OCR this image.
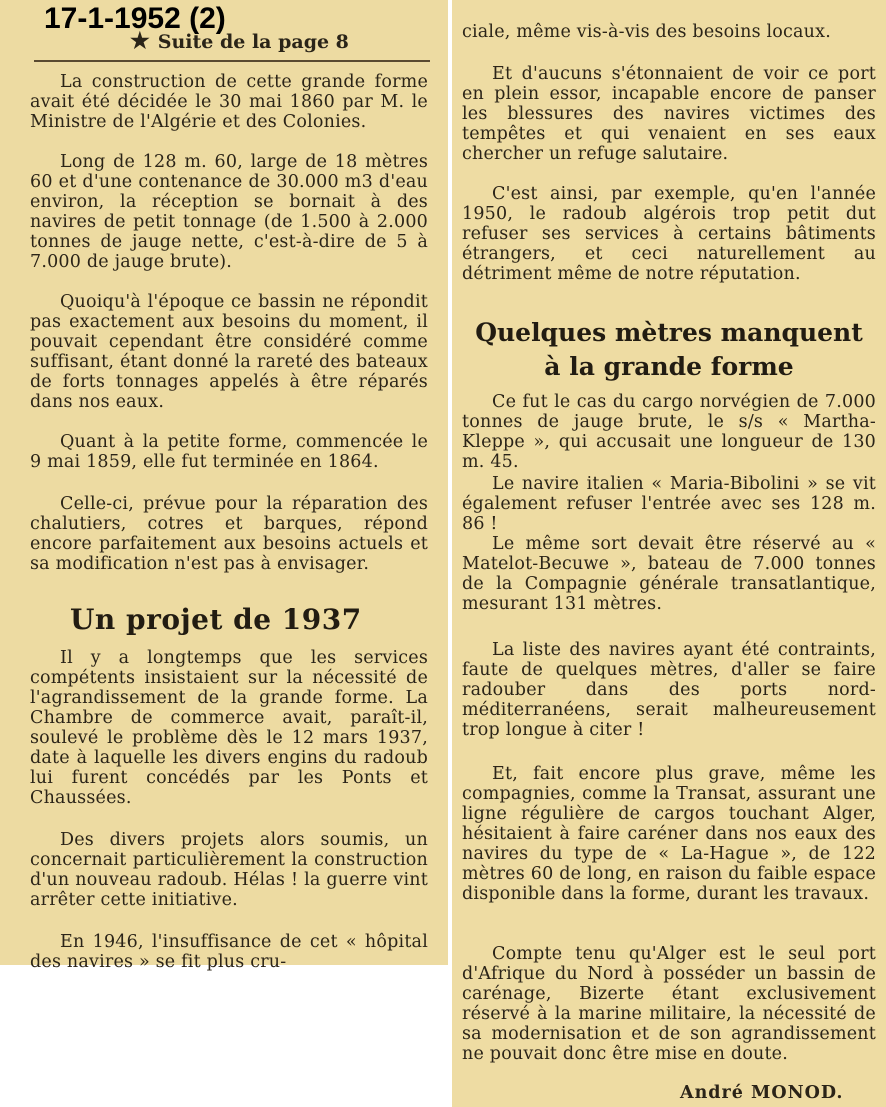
17-1-1952 (2)
★ Suite de la page 8

La construction de cette grande forme avait été décidée le 30 mai 1860 par M. le Ministre de l'Algérie et des Colonies.

Long de 128 m. 60, large de 18 mètres 60 et d'une contenance de 30.000 m3 d'eau environ, la réception se bornait à des navires de petit tonnage (de 1.500 à 2.000 tonnes de jauge nette, c'est-à-dire de 5 à 7.000 de jauge brute).

Quoiqu'à l'époque ce bassin ne répondit pas exactement aux besoins du moment, il pouvait cependant être considéré comme suffisant, étant donné la rareté des bateaux de forts tonnages appelés à être réparés dans nos eaux.

Quant à la petite forme, commencée le 9 mai 1859, elle fut terminée en 1864.

Celle-ci, prévue pour la réparation des chalutiers, cotres et barques, répond encore parfaitement aux besoins actuels et sa modification n'est pas à envisager.

Un projet de 1937

Il y a longtemps que les services compétents insistaient sur la nécessité de l'agrandissement de la grande forme. La Chambre de commerce avait, paraît-il, soulevé le problème dès le 12 mars 1937, date à laquelle les divers engins du radoub lui furent concédés par les Ponts et Chaussées.

Des divers projets alors soumis, un concernait particulièrement la construction d'un nouveau radoub. Hélas ! la guerre vint arrêter cette initiative.

En 1946, l'insuffisance de cet « hôpital des navires » se fit plus cru-

ciale, même vis-à-vis des besoins locaux.

Et d'aucuns s'étonnaient de voir ce port en plein essor, incapable encore de panser les blessures des navires victimes des tempêtes et qui venaient en ses eaux chercher un refuge salutaire.

C'est ainsi, par exemple, qu'en l'année 1950, le radoub algérois trop petit dut refuser ses services à certains bâtiments étrangers, et ceci naturellement au détriment même de notre réputation.

Quelques mètres manquent
à la grande forme

Ce fut le cas du cargo norvégien de 7.000 tonnes de jauge brute, le s/s « Martha-Kleppe », qui accusait une longueur de 130 m. 45.

Le navire italien « Maria-Bibolini » se vit également refuser l'entrée avec ses 128 m. 86 !

Le même sort devait être réservé au « Matelot-Becuwe », bateau de 7.000 tonnes de la Compagnie générale transatlantique, mesurant 131 mètres.

La liste des navires ayant été contraints, faute de quelques mètres, d'aller se faire radouber dans des ports nord-méditerranéens, serait malheureusement trop longue à citer !

Et, fait encore plus grave, même les compagnies, comme la Transat, assurant une ligne régulière de cargos touchant Alger, hésitaient à faire caréner dans nos eaux des navires du type de « La-Hague », de 122 mètres 60 de long, en raison du faible espace disponible dans la forme, durant les travaux.

Compte tenu qu'Alger est le seul port d'Afrique du Nord à posséder un bassin de carénage, Bizerte étant exclusivement réservé à la marine militaire, la nécessité de sa modernisation et de son agrandissement ne pouvait donc être mise en doute.

André MONOD.
